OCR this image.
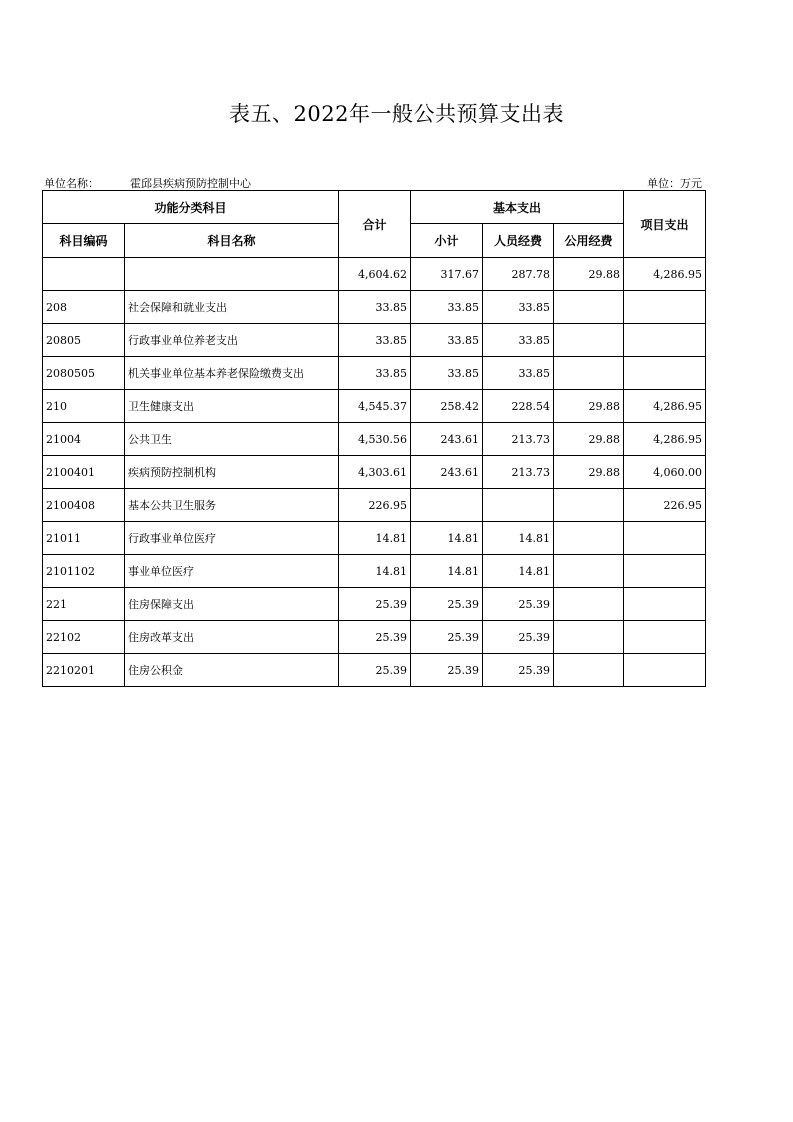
表五、2022年一般公共预算支出表
单位名称：	霍邱县疾病预防控制中心	单位：万元
功能分类科目		合计	基本支出			项目支出
科目编码	科目名称		小计	人员经费	公用经费	
		4,604.62	317.67	287.78	29.88	4,286.95
208	社会保障和就业支出	33.85	33.85	33.85		
20805	行政事业单位养老支出	33.85	33.85	33.85		
2080505	机关事业单位基本养老保险缴费支出	33.85	33.85	33.85		
210	卫生健康支出	4,545.37	258.42	228.54	29.88	4,286.95
21004	公共卫生	4,530.56	243.61	213.73	29.88	4,286.95
2100401	疾病预防控制机构	4,303.61	243.61	213.73	29.88	4,060.00
2100408	基本公共卫生服务	226.95				226.95
21011	行政事业单位医疗	14.81	14.81	14.81		
2101102	事业单位医疗	14.81	14.81	14.81		
221	住房保障支出	25.39	25.39	25.39		
22102	住房改革支出	25.39	25.39	25.39		
2210201	住房公积金	25.39	25.39	25.39		
